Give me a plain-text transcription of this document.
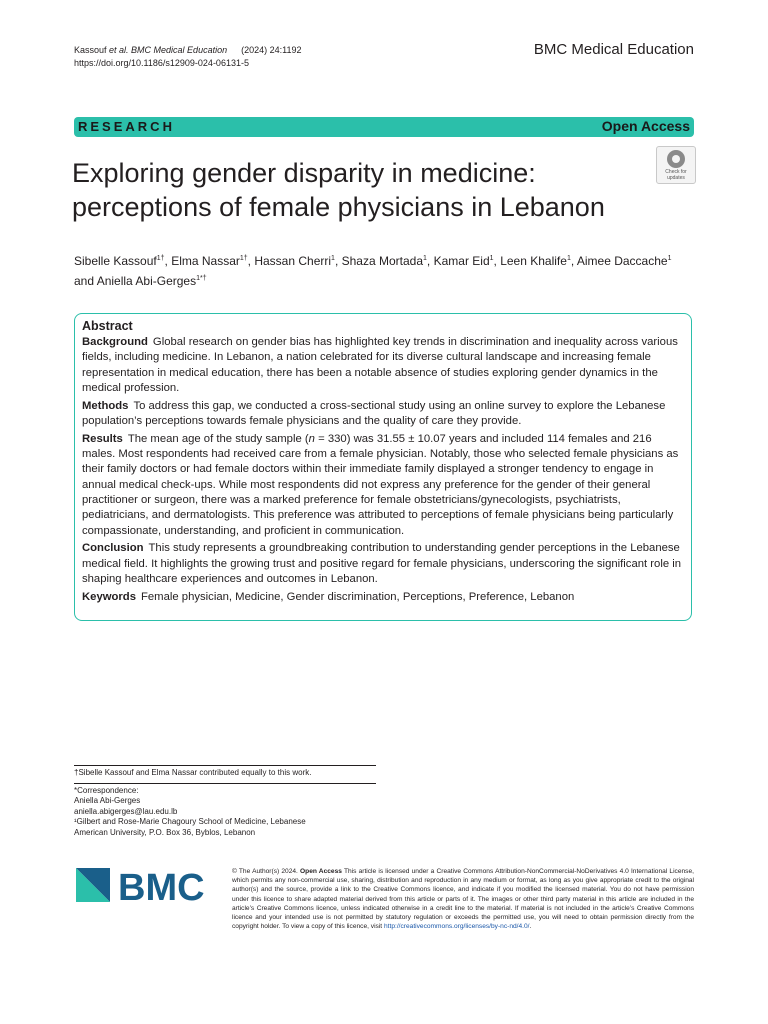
Kassouf et al. BMC Medical Education (2024) 24:1192
https://doi.org/10.1186/s12909-024-06131-5
BMC Medical Education
RESEARCH	Open Access
Check for
updates
Exploring gender disparity in medicine: perceptions of female physicians in Lebanon
Sibelle Kassouf$^{1\dagger}$, Elma Nassar$^{1\dagger}$, Hassan Cherri$^1$, Shaza Mortada$^1$, Kamar Eid$^1$, Leen Khalife$^1$, Aimee Daccache$^1$ and Aniella Abi‑Gerges$^{1*\dagger}$
Abstract

Background Global research on gender bias has highlighted key trends in discrimination and inequality across various fields, including medicine. In Lebanon, a nation celebrated for its diverse cultural landscape and increasing female representation in medical education, there has been a notable absence of studies exploring gender dynamics in the medical profession.

Methods To address this gap, we conducted a cross-sectional study using an online survey to explore the Lebanese population’s perceptions towards female physicians and the quality of care they provide.

Results The mean age of the study sample (n = 330) was 31.55 ± 10.07 years and included 114 females and 216 males. Most respondents had received care from a female physician. Notably, those who selected female physicians as their family doctors or had female doctors within their immediate family displayed a stronger tendency to engage in annual medical check-ups. While most respondents did not express any preference for the gender of their general practitioner or surgeon, there was a marked preference for female obstetricians/gynecologists, psychiatrists, pediatricians, and dermatologists. This preference was attributed to perceptions of female physicians being particularly compassionate, understanding, and proficient in communication.

Conclusion This study represents a groundbreaking contribution to understanding gender perceptions in the Lebanese medical field. It highlights the growing trust and positive regard for female physicians, underscoring the significant role in shaping healthcare experiences and outcomes in Lebanon.

Keywords Female physician, Medicine, Gender discrimination, Perceptions, Preference, Lebanon

†Sibelle Kassouf and Elma Nassar contributed equally to this work.
*Correspondence:
Aniella Abi‑Gerges
aniella.abigerges@lau.edu.lb
¹Gilbert and Rose-Marie Chagoury School of Medicine, Lebanese
American University, P.O. Box 36, Byblos, Lebanon
BMC	© The Author(s) 2024. Open Access This article is licensed under a Creative Commons Attribution-NonCommercial-NoDerivatives 4.0 International License, which permits any non-commercial use, sharing, distribution and reproduction in any medium or format, as long as you give appropriate credit to the original author(s) and the source, provide a link to the Creative Commons licence, and indicate if you modified the licensed material. You do not have permission under this licence to share adapted material derived from this article or parts of it. The images or other third party material in this article are included in the article’s Creative Commons licence, unless indicated otherwise in a credit line to the material. If material is not included in the article’s Creative Commons licence and your intended use is not permitted by statutory regulation or exceeds the permitted use, you will need to obtain permission directly from the copyright holder. To view a copy of this licence, visit http://creativecommons.org/licenses/by-nc-nd/4.0/.
